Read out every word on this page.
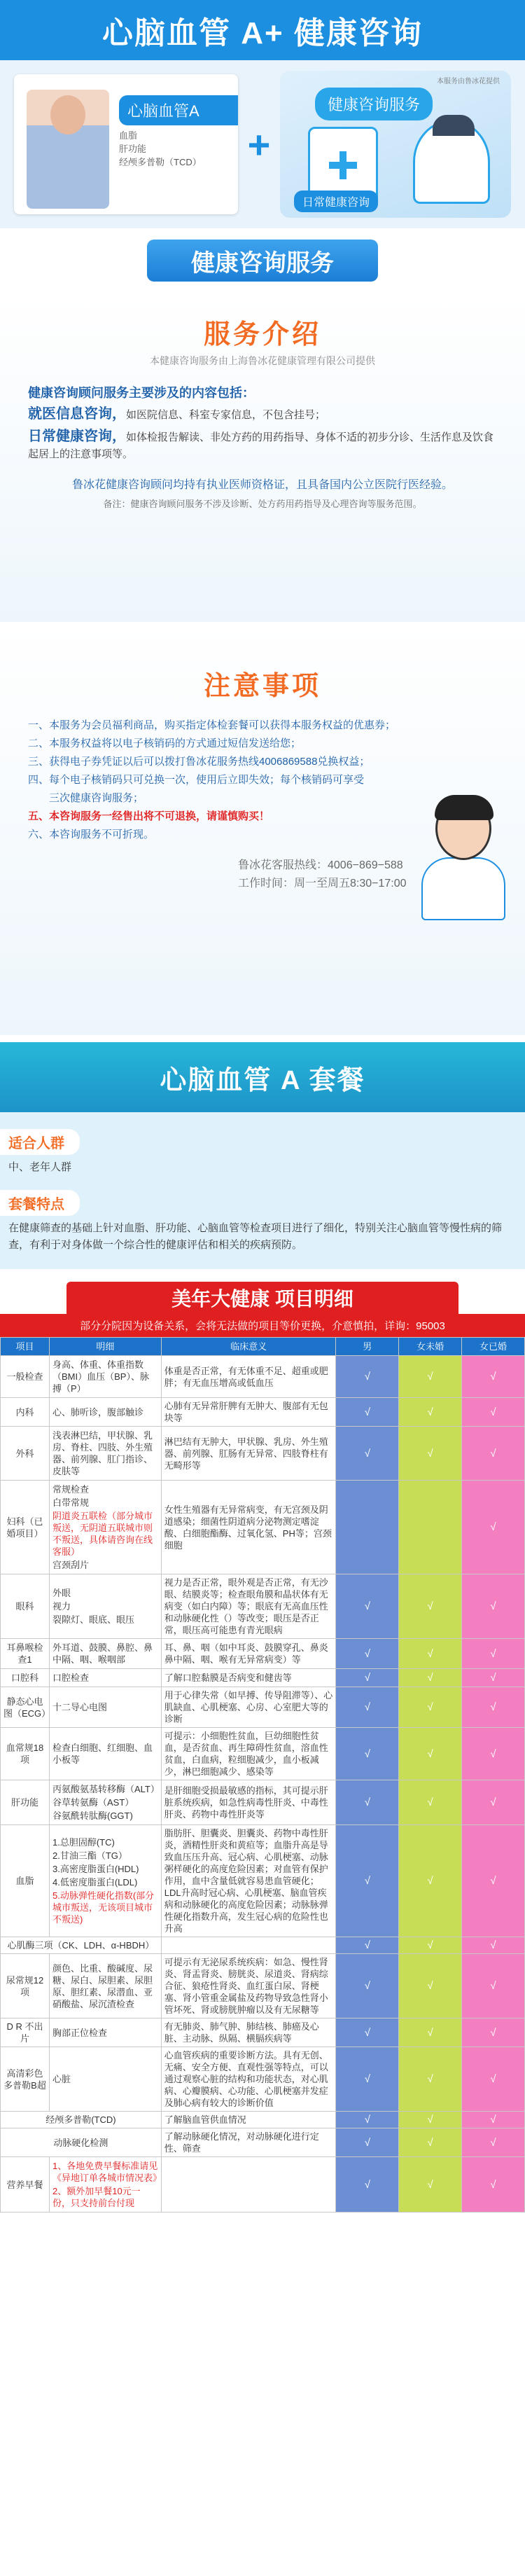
心脑血管 A+ 健康咨询
心脑血管A
血脂
肝功能
经颅多普勒（TCD） +
本服务由鲁冰花提供
健康咨询服务
日常健康咨询
健康咨询服务
服务介绍
本健康咨询服务由上海鲁冰花健康管理有限公司提供
健康咨询顾问服务主要涉及的内容包括：

就医信息咨询，如医院信息、科室专家信息，不包含挂号；

日常健康咨询，如体检报告解读、非处方药的用药指导、身体不适的初步分诊、生活作息及饮食起居上的注意事项等。

鲁冰花健康咨询顾问均持有执业医师资格证，且具备国内公立医院行医经验。

备注：健康咨询顾问服务不涉及诊断、处方药用药指导及心理咨询等服务范围。

注意事项
一、本服务为会员福利商品，购买指定体检套餐可以获得本服务权益的优惠券；
二、本服务权益将以电子核销码的方式通过短信发送给您；
三、获得电子券凭证以后可以拨打鲁冰花服务热线4006869588兑换权益；
四、每个电子核销码只可兑换一次，使用后立即失效；每个核销码可享受
　　三次健康咨询服务；
五、本咨询服务一经售出将不可退换，请谨慎购买！
六、本咨询服务不可折现。
鲁冰花客服热线：4006−869−588
工作时间：周一至周五8:30−17:00
心脑血管 A 套餐
适合人群
中、老年人群
套餐特点
在健康筛查的基础上针对血脂、肝功能、心脑血管等检查项目进行了细化，特别关注心脑血管等慢性病的筛查，有利于对身体做一个综合性的健康评估和相关的疾病预防。
美年大健康 项目明细
部分分院因为设备关系，会将无法做的项目等价更换，介意慎拍，详询：95003
项目	明细	临床意义	男	女未婚	女已婚
一般检查	身高、体重、体重指数（BMI）血压（BP）、脉搏（P）	体重是否正常，有无体重不足、超重或肥胖；有无血压增高或低血压	√	√	√
内科	心、肺听诊，腹部触诊	心肺有无异常肝脾有无肿大、腹部有无包块等	√	√	√
外科	浅表淋巴结，甲状腺、乳房、脊柱、四肢、外生殖器、前列腺、肛门指诊、皮肤等	淋巴结有无肿大，甲状腺、乳房、外生殖器、前列腺、肛肠有无异常、四肢脊柱有无畸形等	√	√	√
妇科（已婚项目）	常规检查
白带常规
阴道炎五联检（部分城市叛送，无阴道五联城市则不叛送，具体请咨询在线客服）
宫颈刮片	女性生殖器有无异常病变，有无宫颈及阴道感染；细菌性阴道病分泌物测定嗜淀酸、白细胞酯酶、过氧化氢、PH等；宫颈细胞			√
眼科	外眼
视力
裂隙灯、眼底、眼压	视力是否正常，眼外观是否正常，有无沙眼、结膜炎等；检查眼角膜和晶状体有无病变（如白内障）等；眼底有无高血压性和动脉硬化性（）等改变；眼压是否正常，眼压高可能患有青光眼病	√	√	√
耳鼻喉检查1	外耳道、鼓膜、鼻腔、鼻中隔、咽、喉咽部	耳、鼻、咽（如中耳炎、鼓膜穿孔、鼻炎鼻中隔、咽、喉有无异常病变）等	√	√	√
口腔科	口腔检查	了解口腔黏膜是否病变和健齿等	√	√	√
静态心电图（ECG）	十二导心电图	用于心律失常（如早搏、传导阻滞等）、心肌缺血、心肌梗塞、心房、心室肥大等的诊断	√	√	√
血常规18项	检查白细胞、红细胞、血小板等	可提示：小细胞性贫血，巨幼细胞性贫血，是否贫血、再生障碍性贫血，溶血性贫血，白血病，粒细胞减少，血小板减少，淋巴细胞减少、感染等	√	√	√
肝功能	丙氨酸氨基转移酶（ALT）
谷草转氨酶（AST）
谷氨酰转肽酶(GGT)	是肝细胞受损最敏感的指标，其可提示肝脏系统疾病，如急性病毒性肝炎、中毒性肝炎、药物中毒性肝炎等	√	√	√
血脂	1.总胆固醇(TC)
2.甘油三酯（TG）
3.高密度脂蛋白(HDL)
4.低密度脂蛋白(LDL)
5.动脉弹性硬化指数(部分城市叛送，无该项目城市不叛送)	脂肪肝、胆囊炎、胆囊炎、药物中毒性肝炎，酒精性肝炎和黄疸等；血脂升高是导致血压压升高、冠心病、心肌梗塞、动脉粥样硬化的高度危险因素；对血管有保护作用，血中含量低就容易患血管硬化；LDL升高时冠心病、心肌梗塞、脑血管疾病和动脉硬化的高度危险因素；动脉脉弹性硬化指数升高，发生冠心病的危险性也升高	√	√	√
心肌酶三项（CK、LDH、α-HBDH）			√	√	√
尿常规12项	颜色、比重、酸碱度、尿糖、尿白、尿胆素、尿胆原、胆红素、尿潜血、亚硝酸盐、尿沉渣检查	可提示有无泌尿系统疾病：如急、慢性肾炎、肾盂肾炎、膀胱炎、尿道炎、肾病综合征、狼疮性肾炎、血红蛋白尿、肾梗塞、肾小管重金属盐及药物导致急性肾小管坏死、肾或膀胱肿瘤以及有无尿糖等	√	√	√
D R 不出片	胸部正位检查	有无肺炎、肺气肿、肺结核、肺癌及心脏、主动脉、纵隔、横膈疾病等	√	√	√
高清彩色多普勒B超	心脏	心血管疾病的重要诊断方法。具有无创、无痛、安全方便、直观性强等特点，可以通过观察心脏的结构和功能状态，对心肌病、心瓣膜病、心功能、心肌梗塞并发症及肺心病有较大的诊断价值	√	√	√
经颅多普勒(TCD)		了解脑血管供血情况	√	√	√
动脉硬化检测		了解动脉硬化情况，对动脉硬化进行定性、筛查	√	√	√
营养早餐	1、各地免费早餐标准请见《异地订单各城市情况表》
2、额外加早餐10元一份，只支持前台付现		√	√	√
